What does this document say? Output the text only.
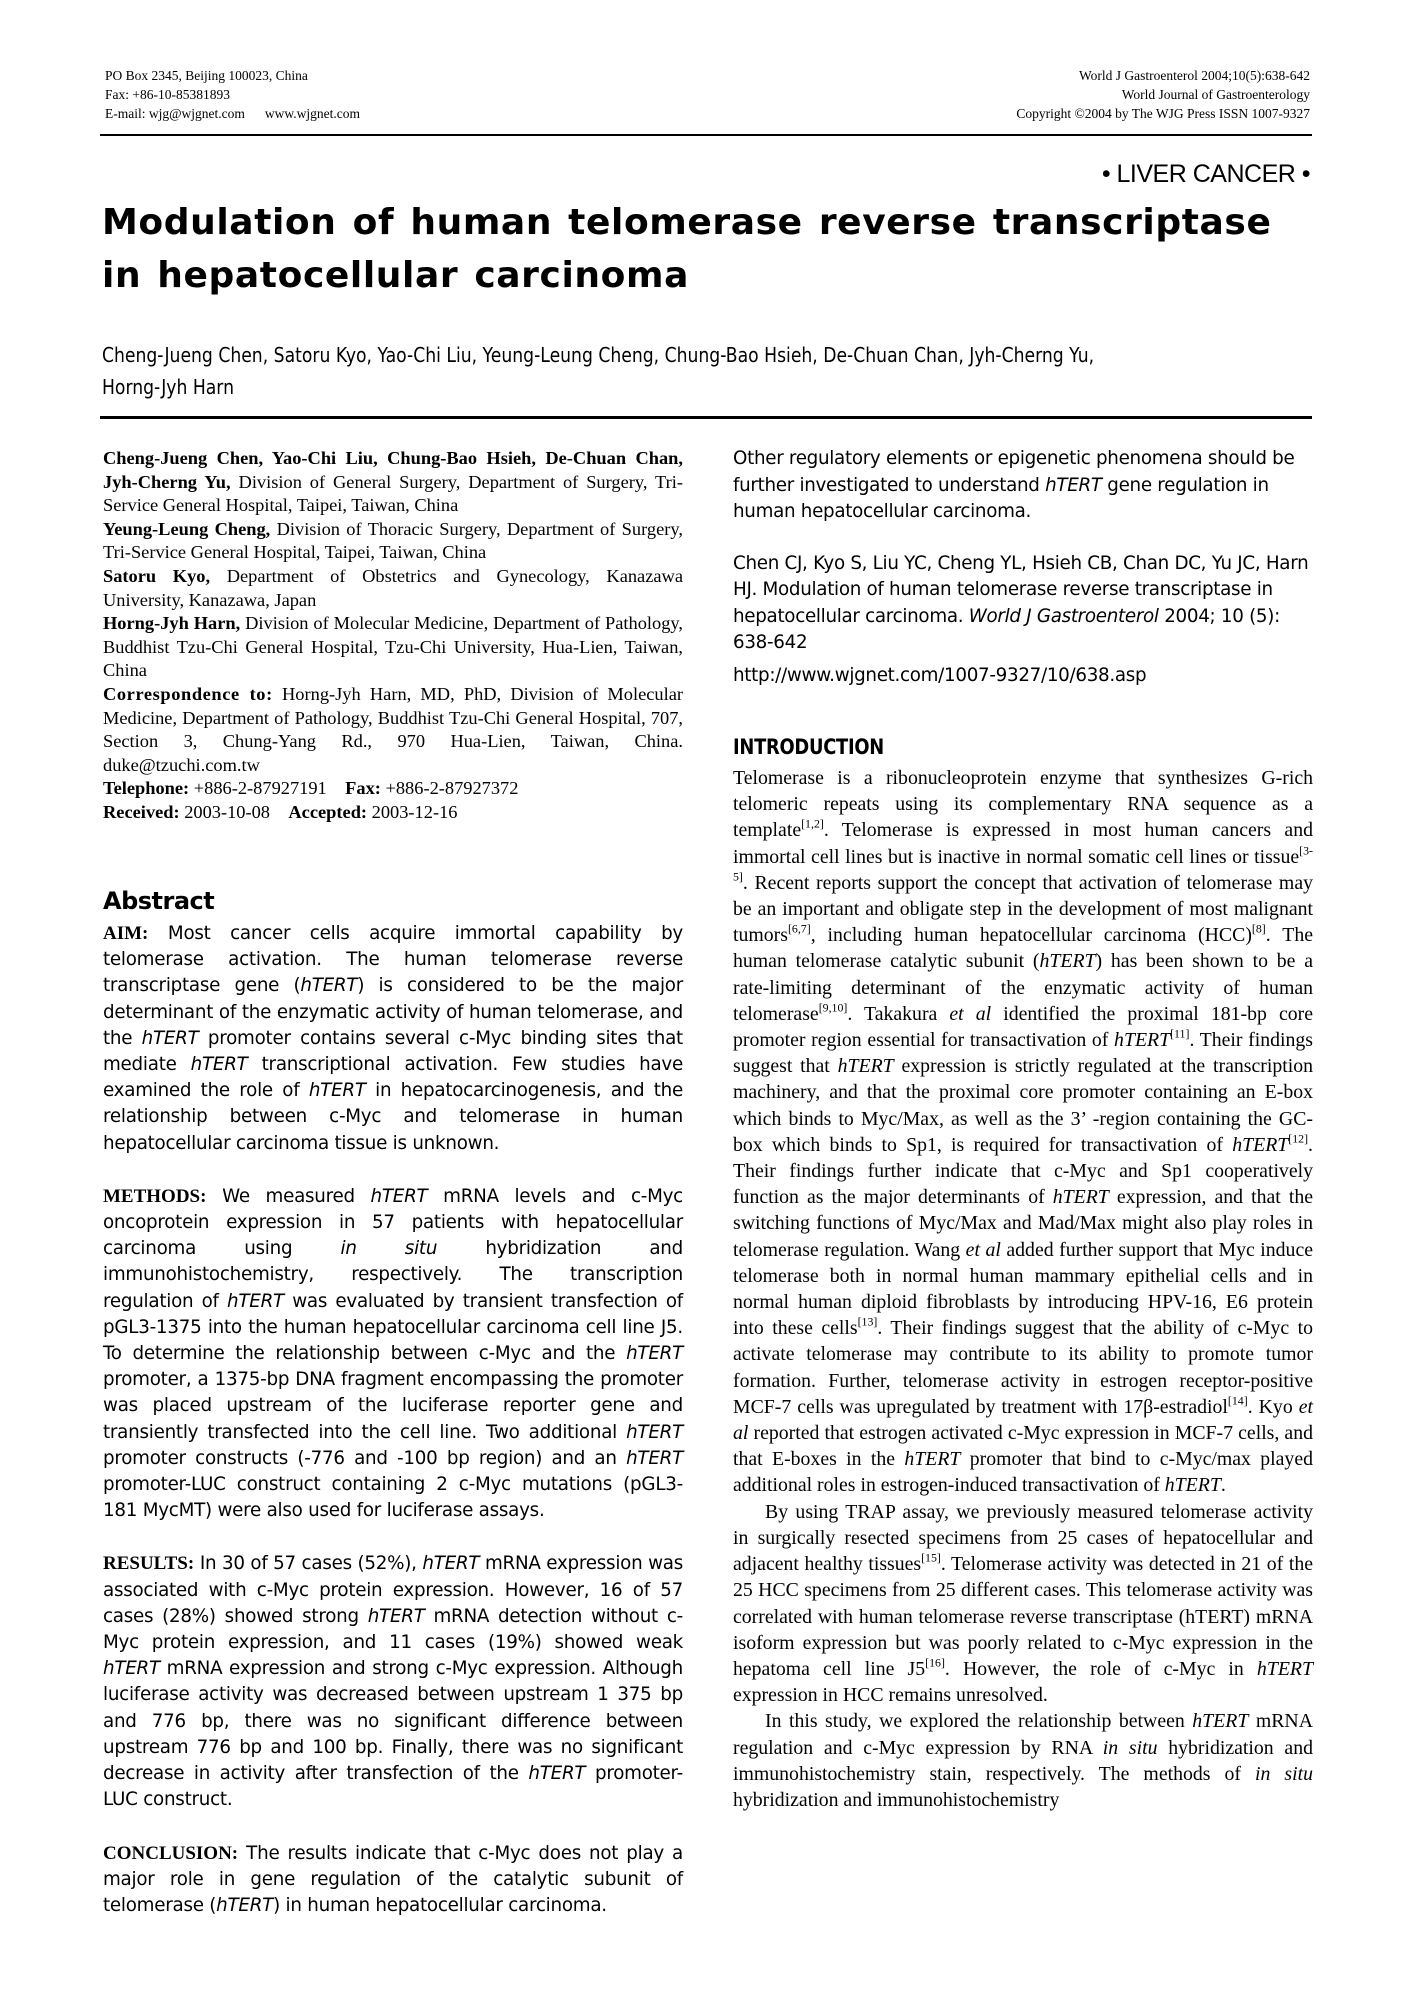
PO Box 2345, Beijing 100023, China
Fax: +86-10-85381893
E-mail: wjg@wjgnet.com www.wjgnet.com
World J Gastroenterol 2004;10(5):638-642
World Journal of Gastroenterology
Copyright ©2004 by The WJG Press ISSN 1007-9327
• LIVER CANCER •
Modulation of human telomerase reverse transcriptase in hepatocellular carcinoma
Cheng-Jueng Chen, Satoru Kyo, Yao-Chi Liu, Yeung-Leung Cheng, Chung-Bao Hsieh, De-Chuan Chan, Jyh-Cherng Yu, Horng-Jyh Harn

Cheng-Jueng Chen, Yao-Chi Liu, Chung-Bao Hsieh, De-Chuan Chan, Jyh-Cherng Yu, Division of General Surgery, Department of Surgery, Tri-Service General Hospital, Taipei, Taiwan, China

Yeung-Leung Cheng, Division of Thoracic Surgery, Department of Surgery, Tri-Service General Hospital, Taipei, Taiwan, China

Satoru Kyo, Department of Obstetrics and Gynecology, Kanazawa University, Kanazawa, Japan

Horng-Jyh Harn, Division of Molecular Medicine, Department of Pathology, Buddhist Tzu-Chi General Hospital, Tzu-Chi University, Hua-Lien, Taiwan, China

Correspondence to: Horng-Jyh Harn, MD, PhD, Division of Molecular Medicine, Department of Pathology, Buddhist Tzu-Chi General Hospital, 707, Section 3, Chung-Yang Rd., 970 Hua-Lien, Taiwan, China. duke@tzuchi.com.tw

Telephone: +886-2-87927191    Fax: +886-2-87927372

Received: 2003-10-08    Accepted: 2003-12-16

Abstract

AIM: Most cancer cells acquire immortal capability by telomerase activation. The human telomerase reverse transcriptase gene (hTERT) is considered to be the major determinant of the enzymatic activity of human telomerase, and the hTERT promoter contains several c-Myc binding sites that mediate hTERT transcriptional activation. Few studies have examined the role of hTERT in hepatocarcinogenesis, and the relationship between c-Myc and telomerase in human hepatocellular carcinoma tissue is unknown.

METHODS: We measured hTERT mRNA levels and c-Myc oncoprotein expression in 57 patients with hepatocellular carcinoma using in situ hybridization and immunohistochemistry, respectively. The transcription regulation of hTERT was evaluated by transient transfection of pGL3-1375 into the human hepatocellular carcinoma cell line J5. To determine the relationship between c-Myc and the hTERT promoter, a 1375-bp DNA fragment encompassing the promoter was placed upstream of the luciferase reporter gene and transiently transfected into the cell line. Two additional hTERT promoter constructs (-776 and -100 bp region) and an hTERT promoter-LUC construct containing 2 c-Myc mutations (pGL3-181 MycMT) were also used for luciferase assays.

RESULTS: In 30 of 57 cases (52%), hTERT mRNA expression was associated with c-Myc protein expression. However, 16 of 57 cases (28%) showed strong hTERT mRNA detection without c-Myc protein expression, and 11 cases (19%) showed weak hTERT mRNA expression and strong c-Myc expression. Although luciferase activity was decreased between upstream 1 375 bp and 776 bp, there was no significant difference between upstream 776 bp and 100 bp. Finally, there was no significant decrease in activity after transfection of the hTERT promoter-LUC construct.

CONCLUSION: The results indicate that c-Myc does not play a major role in gene regulation of the catalytic subunit of telomerase (hTERT) in human hepatocellular carcinoma.

Other regulatory elements or epigenetic phenomena should be further investigated to understand hTERT gene regulation in human hepatocellular carcinoma.

Chen CJ, Kyo S, Liu YC, Cheng YL, Hsieh CB, Chan DC, Yu JC, Harn HJ. Modulation of human telomerase reverse transcriptase in hepatocellular carcinoma. World J Gastroenterol 2004; 10 (5): 638-642

http://www.wjgnet.com/1007-9327/10/638.asp

INTRODUCTION

Telomerase is a ribonucleoprotein enzyme that synthesizes G-rich telomeric repeats using its complementary RNA sequence as a template[1,2]. Telomerase is expressed in most human cancers and immortal cell lines but is inactive in normal somatic cell lines or tissue[3-5]. Recent reports support the concept that activation of telomerase may be an important and obligate step in the development of most malignant tumors[6,7], including human hepatocellular carcinoma (HCC)[8]. The human telomerase catalytic subunit (hTERT) has been shown to be a rate-limiting determinant of the enzymatic activity of human telomerase[9,10]. Takakura et al identified the proximal 181-bp core promoter region essential for transactivation of hTERT[11]. Their findings suggest that hTERT expression is strictly regulated at the transcription machinery, and that the proximal core promoter containing an E-box which binds to Myc/Max, as well as the 3’ -region containing the GC-box which binds to Sp1, is required for transactivation of hTERT[12]. Their findings further indicate that c-Myc and Sp1 cooperatively function as the major determinants of hTERT expression, and that the switching functions of Myc/Max and Mad/Max might also play roles in telomerase regulation. Wang et al added further support that Myc induce telomerase both in normal human mammary epithelial cells and in normal human diploid fibroblasts by introducing HPV-16, E6 protein into these cells[13]. Their findings suggest that the ability of c-Myc to activate telomerase may contribute to its ability to promote tumor formation. Further, telomerase activity in estrogen receptor-positive MCF-7 cells was upregulated by treatment with 17β-estradiol[14]. Kyo et al reported that estrogen activated c-Myc expression in MCF-7 cells, and that E-boxes in the hTERT promoter that bind to c-Myc/max played additional roles in estrogen-induced transactivation of hTERT.

By using TRAP assay, we previously measured telomerase activity in surgically resected specimens from 25 cases of hepatocellular and adjacent healthy tissues[15]. Telomerase activity was detected in 21 of the 25 HCC specimens from 25 different cases. This telomerase activity was correlated with human telomerase reverse transcriptase (hTERT) mRNA isoform expression but was poorly related to c-Myc expression in the hepatoma cell line J5[16]. However, the role of c-Myc in hTERT expression in HCC remains unresolved.

In this study, we explored the relationship between hTERT mRNA regulation and c-Myc expression by RNA in situ hybridization and immunohistochemistry stain, respectively. The methods of in situ hybridization and immunohistochemistry
